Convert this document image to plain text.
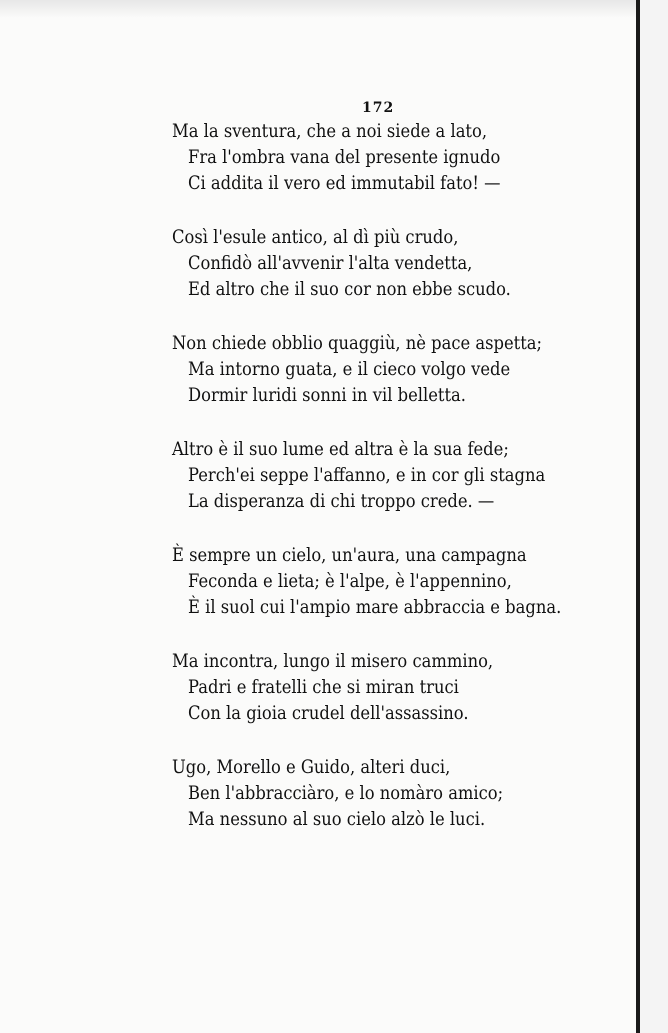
172
Ma la sventura, che a noi siede a lato,
Fra l'ombra vana del presente ignudo
Ci addita il vero ed immutabil fato! —
Così l'esule antico, al dì più crudo,
Confidò all'avvenir l'alta vendetta,
Ed altro che il suo cor non ebbe scudo.
Non chiede obblio quaggiù, nè pace aspetta;
Ma intorno guata, e il cieco volgo vede
Dormir luridi sonni in vil belletta.
Altro è il suo lume ed altra è la sua fede;
Perch'ei seppe l'affanno, e in cor gli stagna
La disperanza di chi troppo crede. —
È sempre un cielo, un'aura, una campagna
Feconda e lieta; è l'alpe, è l'appennino,
È il suol cui l'ampio mare abbraccia e bagna.
Ma incontra, lungo il misero cammino,
Padri e fratelli che si miran truci
Con la gioia crudel dell'assassino.
Ugo, Morello e Guido, alteri duci,
Ben l'abbracciàro, e lo nomàro amico;
Ma nessuno al suo cielo alzò le luci.
